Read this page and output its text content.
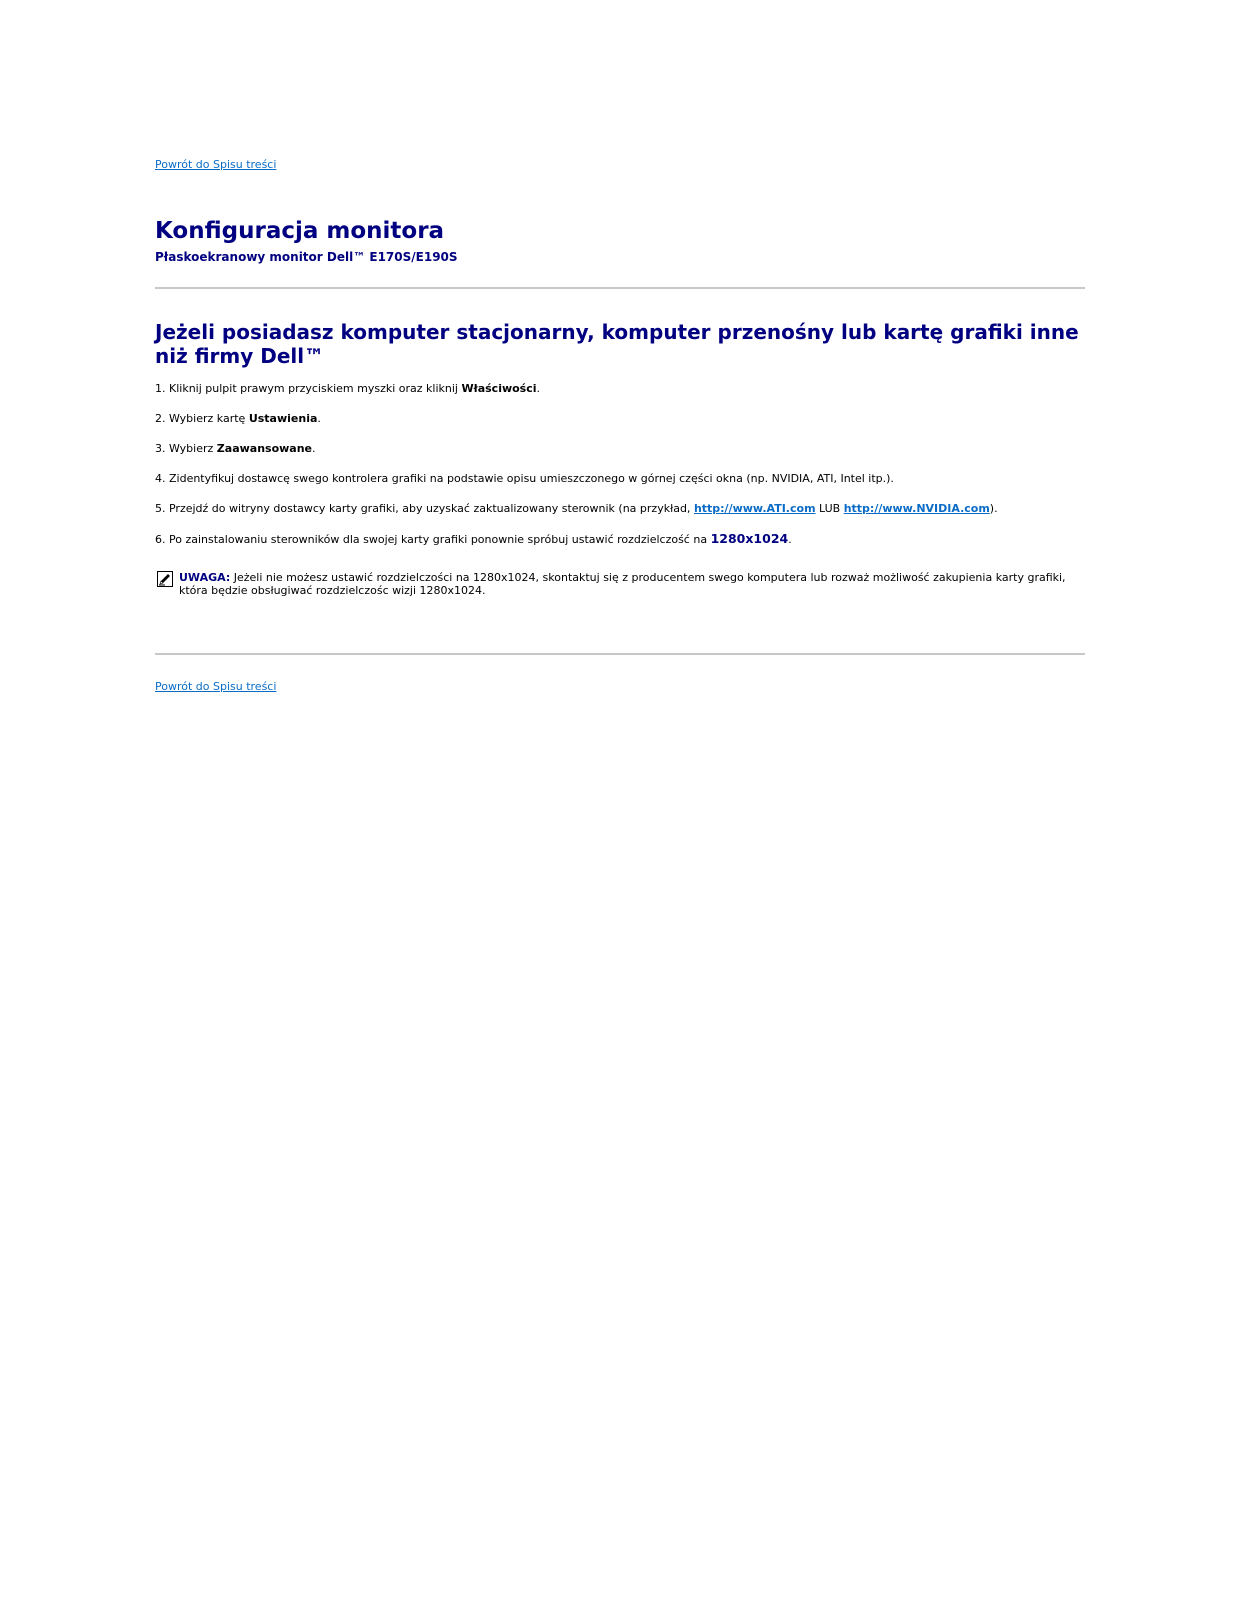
Powrót do Spisu treści
Konfiguracja monitora
Płaskoekranowy monitor Dell™ E170S/E190S
Jeżeli posiadasz komputer stacjonarny, komputer przenośny lub kartę grafiki inne niż firmy Dell™
1. Kliknij pulpit prawym przyciskiem myszki oraz kliknij Właściwości.
2. Wybierz kartę Ustawienia.
3. Wybierz Zaawansowane.
4. Zidentyfikuj dostawcę swego kontrolera grafiki na podstawie opisu umieszczonego w górnej części okna (np. NVIDIA, ATI, Intel itp.).
5. Przejdź do witryny dostawcy karty grafiki, aby uzyskać zaktualizowany sterownik (na przykład, http://www.ATI.com LUB http://www.NVIDIA.com).
6. Po zainstalowaniu sterowników dla swojej karty grafiki ponownie spróbuj ustawić rozdzielczość na 1280x1024.
UWAGA: Jeżeli nie możesz ustawić rozdzielczości na 1280x1024, skontaktuj się z producentem swego komputera lub rozważ możliwość zakupienia karty grafiki, która będzie obsługiwać rozdzielczośc wizji 1280x1024.
Powrót do Spisu treści
